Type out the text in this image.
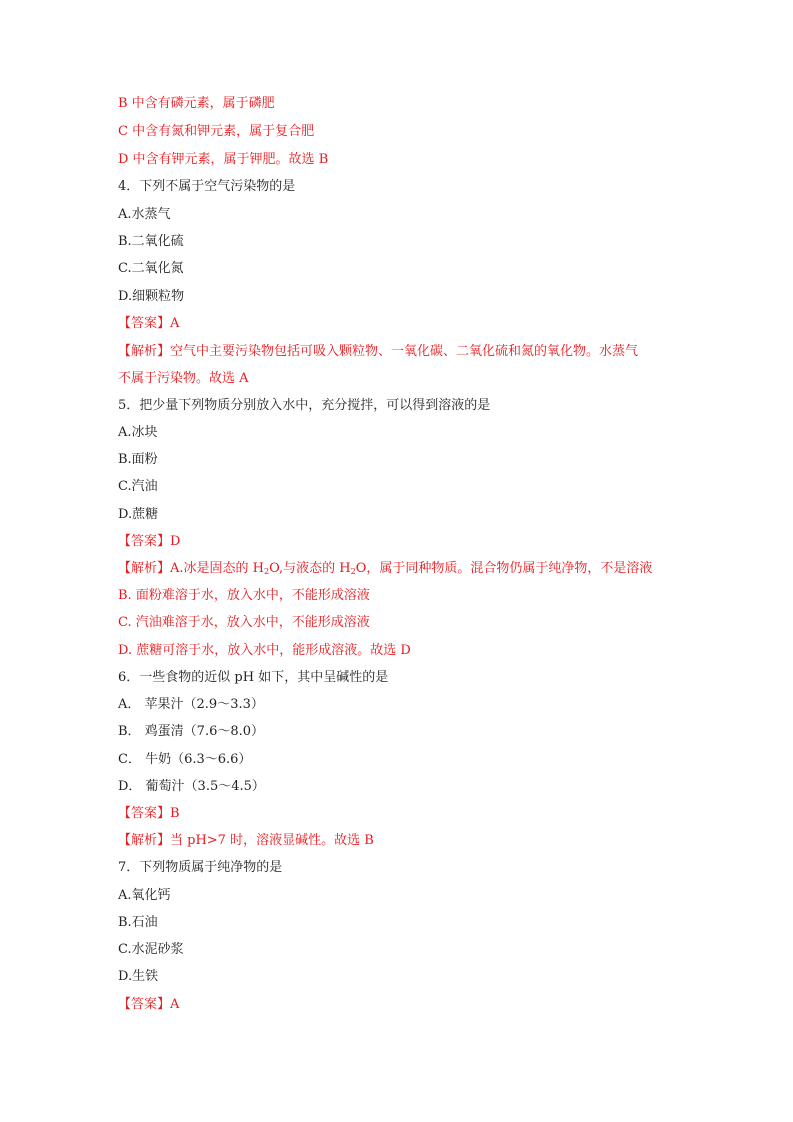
B 中含有磷元素，属于磷肥
C 中含有氮和钾元素，属于复合肥
D 中含有钾元素，属于钾肥。故选 B
4．下列不属于空气污染物的是
A.水蒸气
B.二氧化硫
C.二氧化氮
D.细颗粒物
【答案】A
【解析】空气中主要污染物包括可吸入颗粒物、一氧化碳、二氧化硫和氮的氧化物。水蒸气
不属于污染物。故选 A
5．把少量下列物质分别放入水中，充分搅拌，可以得到溶液的是
A.冰块
B.面粉
C.汽油
D.蔗糖
【答案】D
【解析】A.冰是固态的 $H_2O$,与液态的 $H_2O$，属于同种物质。混合物仍属于纯净物，不是溶液
B. 面粉难溶于水，放入水中，不能形成溶液
C. 汽油难溶于水，放入水中，不能形成溶液
D. 蔗糖可溶于水，放入水中，能形成溶液。故选 D
6．一些食物的近似 pH 如下，其中呈碱性的是
A． 苹果汁（2.9～3.3）
B． 鸡蛋清（7.6～8.0）
C． 牛奶（6.3～6.6）
D． 葡萄汁（3.5～4.5）
【答案】B
【解析】当 pH>7 时，溶液显碱性。故选 B
7．下列物质属于纯净物的是
A.氧化钙
B.石油
C.水泥砂浆
D.生铁
【答案】A
